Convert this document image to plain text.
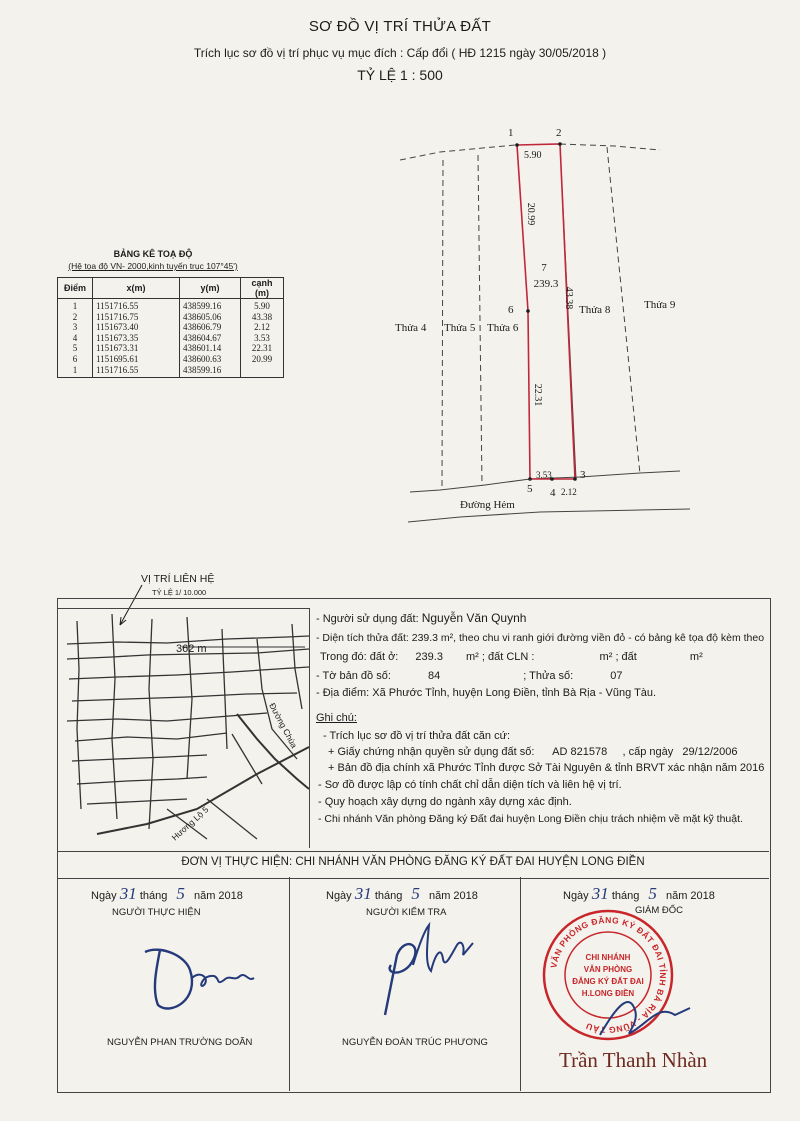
SƠ ĐỒ VỊ TRÍ THỬA ĐẤT
Trích lục sơ đồ vị trí phục vụ mục đích : Cấp đổi ( HĐ 1215 ngày 30/05/2018 )
TỶ LỆ 1 : 500
BẢNG KÊ TOẠ ĐỘ
(Hệ tọa độ VN- 2000,kinh tuyến trục 107°45')
Điểm	x(m)	y(m)	cạnh (m)
1	1151716.55	438599.16	5.90
2	1151716.75	438605.06	43.38
3	1151673.40	438606.79	2.12
4	1151673.35	438604.67	3.53
5	1151673.31	438601.14	22.31
6	1151695.61	438600.63	20.99
1	1151716.55	438599.16	
1	2
3
4
5
6
5.90
20.99
22.31
43.38
3.53
2.12
7
239.3
Thửa 4 Thửa 5 Thửa 6
Thửa 8	Thửa 9
Đường Hẻm
VỊ TRÍ LIÊN HỆ
TỶ LỆ 1/ 10.000
362 m
Đường Chùa
Hương Lộ 5
- Người sử dụng đất: Nguyễn Văn Quynh
- Diện tích thửa đất: 239.3 m², theo chu vi ranh giới đường viền đỏ - có bảng kê tọa độ kèm theo
Trong đó: đất ở: 239.3 m² ; đất CLN :	m² ; đất	m²
- Tờ bản đồ số:	84	; Thửa số:	07
- Địa điểm: Xã Phước Tỉnh, huyện Long Điền, tỉnh Bà Rịa - Vũng Tàu.
Ghi chú:
- Trích lục sơ đồ vị trí thửa đất căn cứ:
+ Giấy chứng nhận quyền sử dụng đất số:      AD 821578     , cấp ngày   29/12/2006
+ Bản đồ địa chính xã Phước Tỉnh được Sở Tài Nguyên & tỉnh BRVT xác nhận năm 2016
- Sơ đồ được lập có tính chất chỉ dẫn diện tích và liên hệ vị trí.
- Quy hoạch xây dựng do ngành xây dựng xác định.
- Chi nhánh Văn phòng Đăng ký Đất đai huyện Long Điền chịu trách nhiệm về mặt kỹ thuật.
ĐƠN VỊ THỰC HIỆN: CHI NHÁNH VĂN PHÒNG ĐĂNG KÝ ĐẤT ĐAI HUYỆN LONG ĐIỀN
Ngày 31 tháng 5 năm 2018
NGƯỜI THỰC HIỆN
NGUYỄN PHAN TRƯỜNG DOÃN
Ngày 31 tháng 5 năm 2018
NGƯỜI KIỂM TRA
NGUYỄN ĐOÀN TRÚC PHƯƠNG
Ngày 31 tháng 5 năm 2018
GIÁM ĐỐC
VĂN PHÒNG ĐĂNG KÝ ĐẤT ĐAI TỈNH BÀ RỊA - VŨNG TÀU
CHI NHÁNH
VĂN PHÒNG
ĐĂNG KÝ ĐẤT ĐAI
H.LONG ĐIỀN
Trần Thanh Nhàn
